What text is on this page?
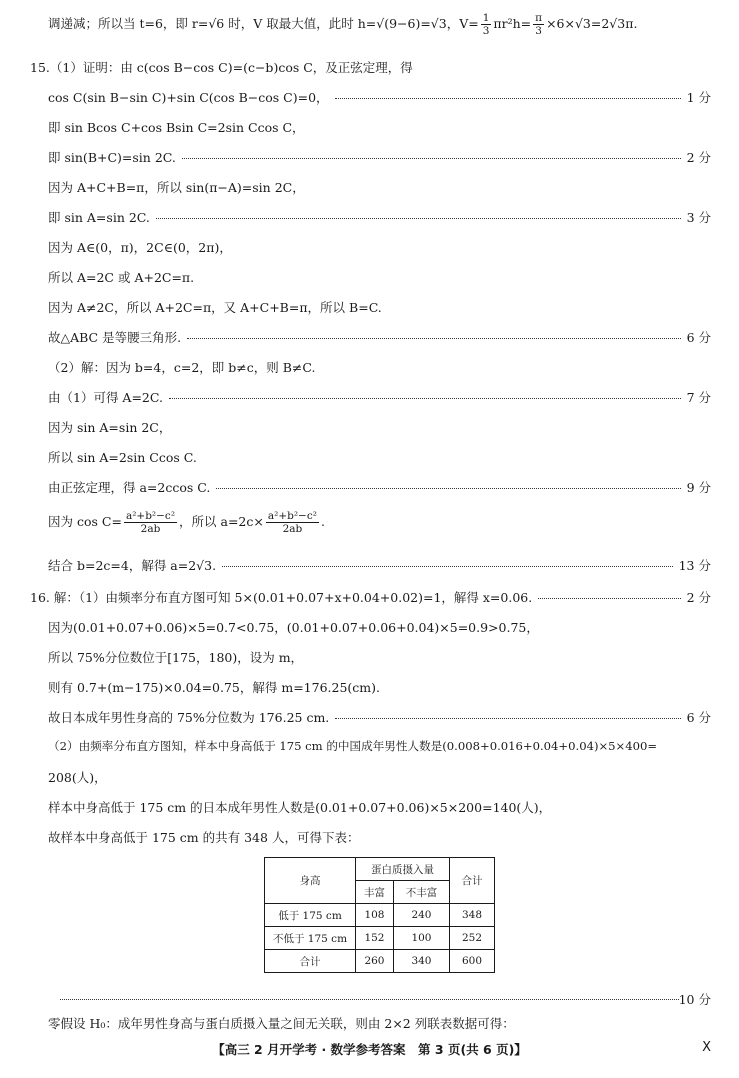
调递减；所以当 t=6，即 r=√6 时，V 取最大值，此时 h=√(9−6)=√3，$V= \frac{1}{3} \pi r^2h= \frac{\pi}{3} \times 6\times√3=2√3\pi$.
15.（1）证明：由 c(cos B−cos C)=(c−b)cos C，及正弦定理，得
cos C(sin B−sin C)+sin C(cos B−cos C)=0，	1 分
即 sin Bcos C+cos Bsin C=2sin Ccos C，
即 sin(B+C)=sin 2C.	2 分
因为 A+C+B=π，所以 sin(π−A)=sin 2C，
即 sin A=sin 2C.	3 分
因为 A∈(0，π)，2C∈(0，2π)，
所以 A=2C 或 A+2C=π.
因为 A≠2C，所以 A+2C=π，又 A+C+B=π，所以 B=C.
故△ABC 是等腰三角形.	6 分
（2）解：因为 b=4，c=2，即 b≠c，则 B≠C.
由（1）可得 A=2C.	7 分
因为 sin A=sin 2C，
所以 sin A=2sin Ccos C.
由正弦定理，得 a=2ccos C.	9 分
因为 $\cos C= \frac{\text{a²+b²−c²}}{2ab}$ ，所以 $a=2c\times \frac{\text{a²+b²−c²}}{2ab}$ .
结合 b=2c=4，解得 a=2√3.	13 分
16. 解：（1）由频率分布直方图可知 5×(0.01+0.07+x+0.04+0.02)=1，解得 x=0.06.	2 分
因为(0.01+0.07+0.06)×5=0.7<0.75，(0.01+0.07+0.06+0.04)×5=0.9>0.75，
所以 75%分位数位于[175，180)，设为 m，
则有 0.7+(m−175)×0.04=0.75，解得 m=176.25(cm).
故日本成年男性身高的 75%分位数为 176.25 cm.	6 分
（2）由频率分布直方图知，样本中身高低于 175 cm 的中国成年男性人数是(0.008+0.016+0.04+0.04)×5×400=
208(人)，
样本中身高低于 175 cm 的日本成年男性人数是(0.01+0.07+0.06)×5×200=140(人)，
故样本中身高低于 175 cm 的共有 348 人，可得下表：
身高	蛋白质摄入量		合计
	丰富	不丰富	
低于 175 cm	108	240	348
不低于 175 cm	152	100	252
合计	260	340	600
10 分
零假设 H₀：成年男性身高与蛋白质摄入量之间无关联，则由 2×2 列联表数据可得：
【高三 2 月开学考 · 数学参考答案　第 3 页(共 6 页)】	X
